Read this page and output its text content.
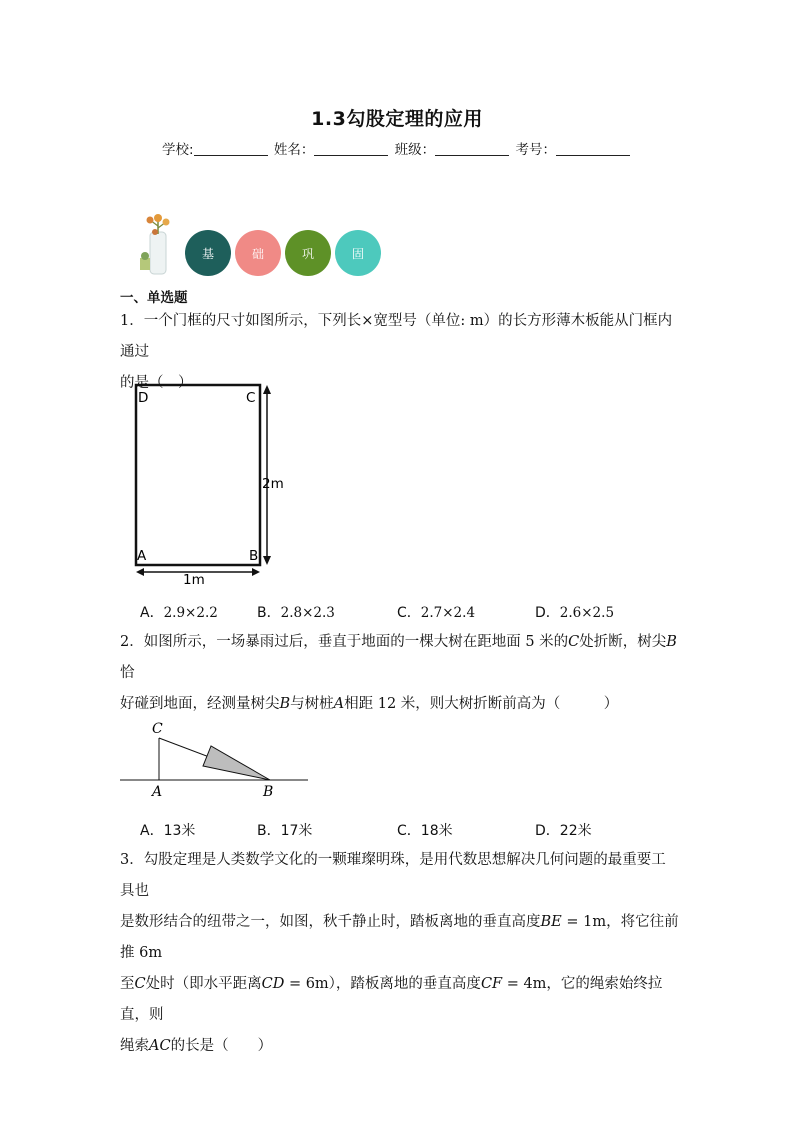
1.3勾股定理的应用
学校:	姓名：	班级：	考号：
基	础	巩	固
一、单选题
1．一个门框的尺寸如图所示，下列长×宽型号（单位: m）的长方形薄木板能从门框内通过
的是（　）
D	C
A	B
2m
1m
A．2.9×2.2	B．2.8×2.3	C．2.7×2.4	D．2.6×2.5
2．如图所示，一场暴雨过后，垂直于地面的一棵大树在距地面 5 米的C处折断，树尖B恰
好碰到地面，经测量树尖B与树桩A相距 12 米，则大树折断前高为（　　　）
C
A	B
A．13米	B．17米	C．18米	D．22米
3．勾股定理是人类数学文化的一颗璀璨明珠，是用代数思想解决几何问题的最重要工具也
是数形结合的纽带之一，如图，秋千静止时，踏板离地的垂直高度BE = 1m，将它往前推 6m
至C处时（即水平距离CD = 6m），踏板离地的垂直高度CF = 4m，它的绳索始终拉直，则
绳索AC的长是（　　）
